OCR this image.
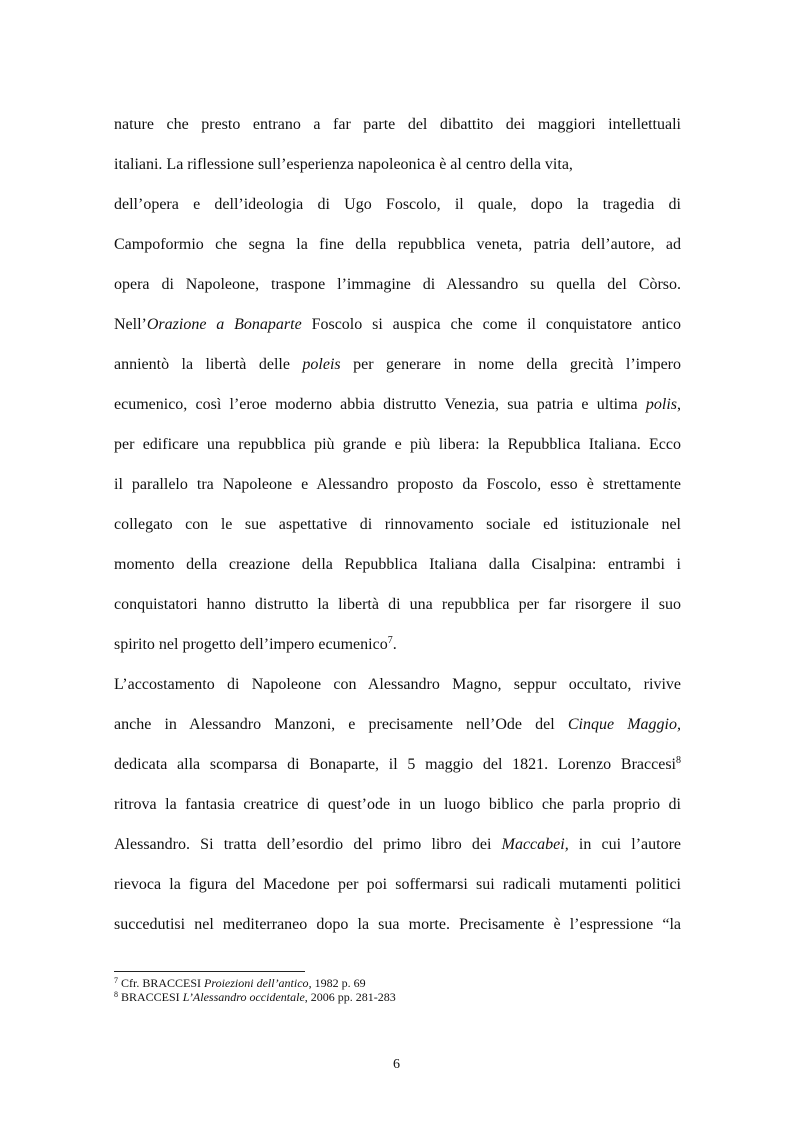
nature che presto entrano a far parte del dibattito dei maggiori intellettuali
italiani. La riflessione sull’esperienza napoleonica è al centro della vita,
dell’opera e dell’ideologia di Ugo Foscolo, il quale, dopo la tragedia di
Campoformio che segna la fine della repubblica veneta, patria dell’autore, ad
opera di Napoleone, traspone l’immagine di Alessandro su quella del Còrso.
Nell’Orazione a Bonaparte Foscolo si auspica che come il conquistatore antico
annientò la libertà delle poleis per generare in nome della grecità l’impero
ecumenico, così l’eroe moderno abbia distrutto Venezia, sua patria e ultima polis,
per edificare una repubblica più grande e più libera: la Repubblica Italiana. Ecco
il parallelo tra Napoleone e Alessandro proposto da Foscolo, esso è strettamente
collegato con le sue aspettative di rinnovamento sociale ed istituzionale nel
momento della creazione della Repubblica Italiana dalla Cisalpina: entrambi i
conquistatori hanno distrutto la libertà di una repubblica per far risorgere il suo
spirito nel progetto dell’impero ecumenico$^7$.
L’accostamento di Napoleone con Alessandro Magno, seppur occultato, rivive
anche in Alessandro Manzoni, e precisamente nell’Ode del Cinque Maggio,
dedicata alla scomparsa di Bonaparte, il 5 maggio del 1821. Lorenzo Braccesi$^8$
ritrova la fantasia creatrice di quest’ode in un luogo biblico che parla proprio di
Alessandro. Si tratta dell’esordio del primo libro dei Maccabei, in cui l’autore
rievoca la figura del Macedone per poi soffermarsi sui radicali mutamenti politici
succedutisi nel mediterraneo dopo la sua morte. Precisamente è l’espressione “la
$^7$ Cfr. BRACCESI Proiezioni dell’antico, 1982 p. 69
$^8$ BRACCESI L’Alessandro occidentale, 2006 pp. 281-283
6
